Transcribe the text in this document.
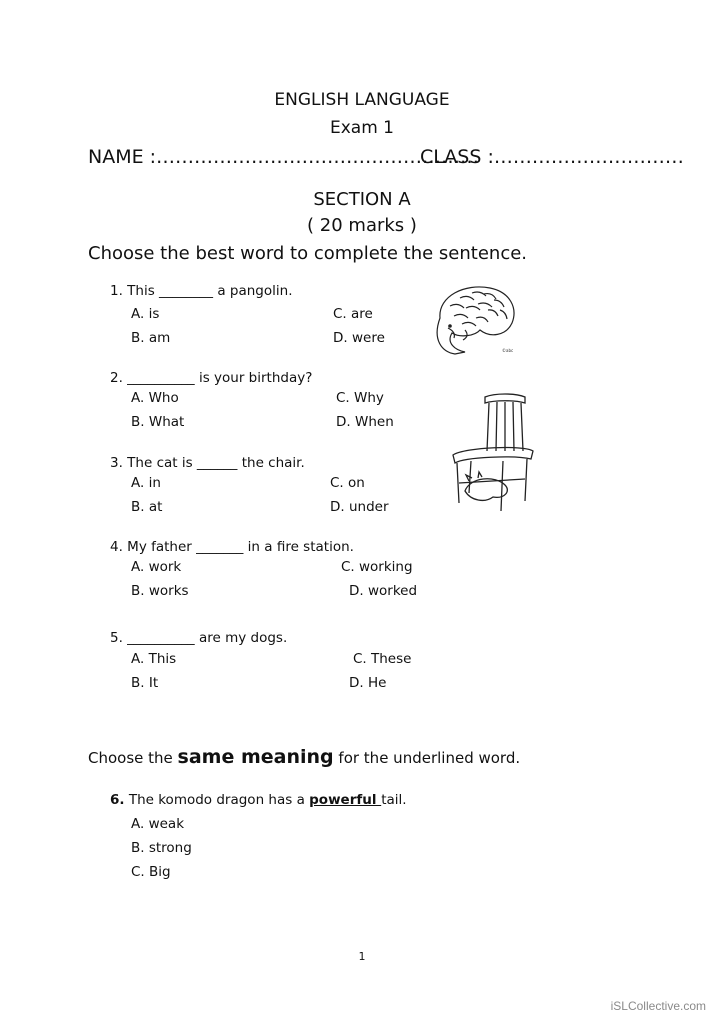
ENGLISH LANGUAGE
Exam 1
NAME :……………………………………………
CLASS :…………………………
SECTION A
( 20 marks )
Choose the best word to complete the sentence.
1. This ________ a pangolin.
A. is
B. am
C. are
D. were
2. __________ is your birthday?
A. Who
B. What
C. Why
D. When
3. The cat is ______ the chair.
A. in
B. at
C. on
D. under
4. My father _______ in a fire station.
A. work
B. works
C. working
D. worked
5. __________ are my dogs.
A. This
B. It
C. These
D. He
Choose the same meaning for the underlined word.
6. The komodo dragon has a powerful tail.
A. weak
B. strong
C. Big
©abc
1
iSLCollective.com
